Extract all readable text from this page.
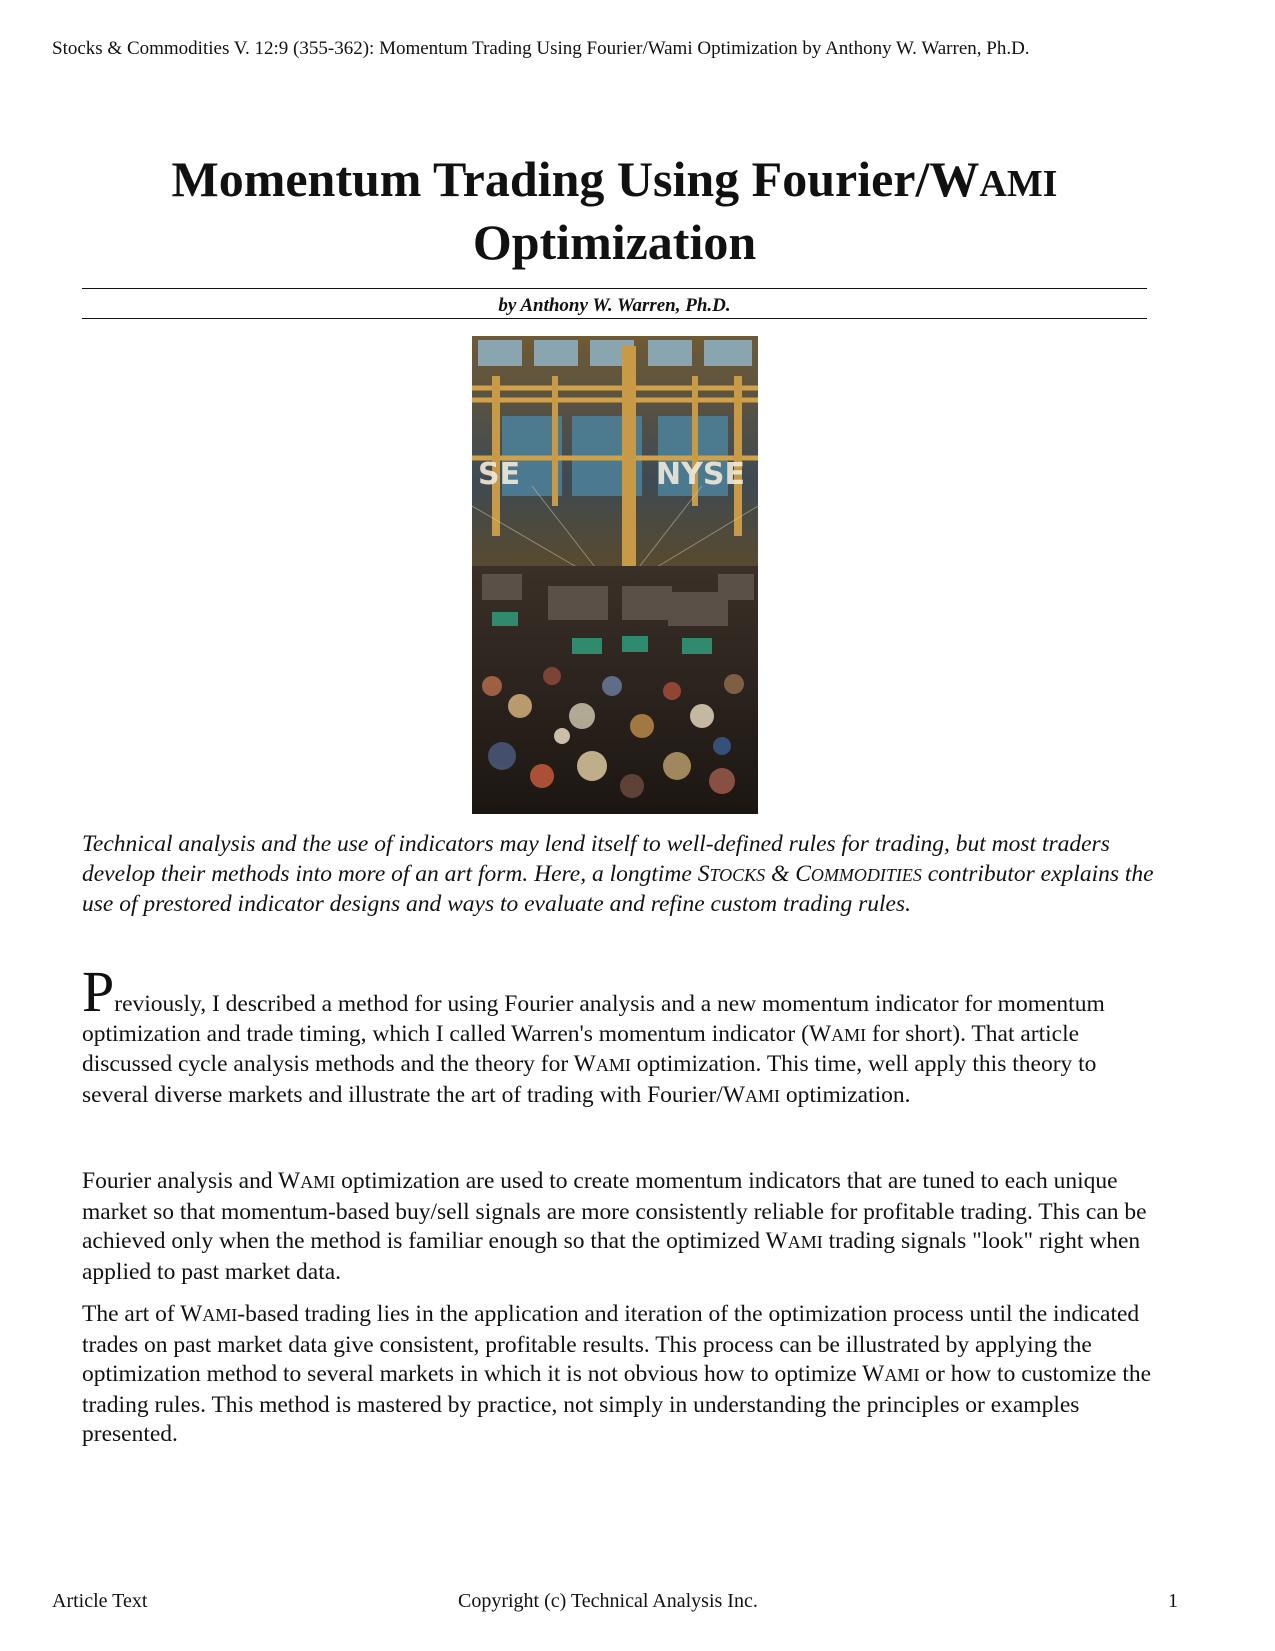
Stocks & Commodities V. 12:9 (355-362): Momentum Trading Using Fourier/Wami Optimization by Anthony W. Warren, Ph.D.
Momentum Trading Using Fourier/WAMI
Optimization
by Anthony W. Warren, Ph.D.
SE	NYSE
Technical analysis and the use of indicators may lend itself to well-defined rules for trading, but most traders develop their methods into more of an art form. Here, a longtime STOCKS & COMMODITIES contributor explains the use of prestored indicator designs and ways to evaluate and refine custom trading rules.
Previously, I described a method for using Fourier analysis and a new momentum indicator for momentum optimization and trade timing, which I called Warren's momentum indicator (WAMI for short). That article discussed cycle analysis methods and the theory for WAMI optimization. This time, well apply this theory to several diverse markets and illustrate the art of trading with Fourier/WAMI optimization.
Fourier analysis and WAMI optimization are used to create momentum indicators that are tuned to each unique market so that momentum-based buy/sell signals are more consistently reliable for profitable trading. This can be achieved only when the method is familiar enough so that the optimized WAMI trading signals "look" right when applied to past market data.
The art of WAMI-based trading lies in the application and iteration of the optimization process until the indicated trades on past market data give consistent, profitable results. This process can be illustrated by applying the optimization method to several markets in which it is not obvious how to optimize WAMI or how to customize the trading rules. This method is mastered by practice, not simply in understanding the principles or examples presented.
Article Text	Copyright (c) Technical Analysis Inc.	1
